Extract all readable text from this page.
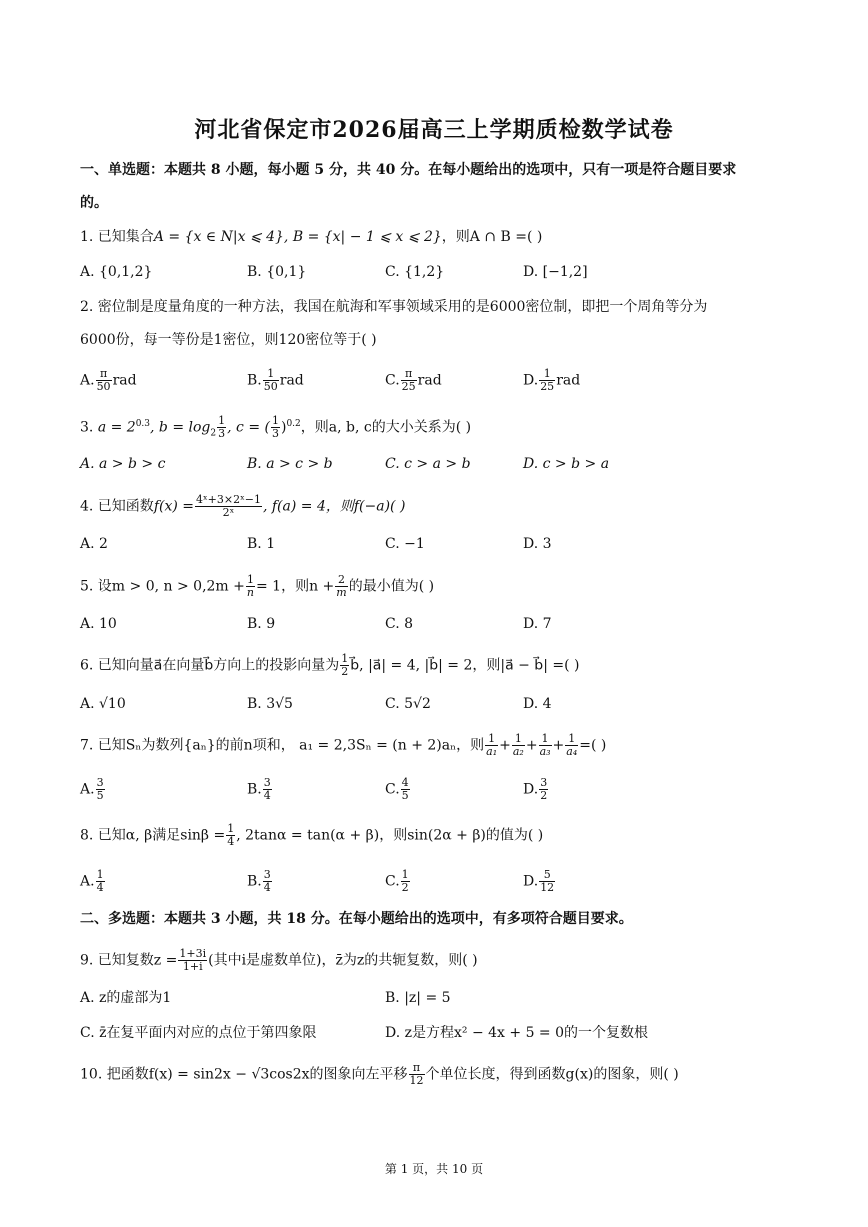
河北省保定市2026届高三上学期质检数学试卷
一、单选题：本题共 8 小题，每小题 5 分，共 40 分。在每小题给出的选项中，只有一项是符合题目要求
的。
1. 已知集合A = {x ∈ N|x ⩽ 4}, B = {x| − 1 ⩽ x ⩽ 2}，则A ∩ B =( )
A. {0,1,2}	B. {0,1}	C. {1,2}	D. [−1,2]
2. 密位制是度量角度的一种方法，我国在航海和军事领域采用的是6000密位制，即把一个周角等分为
6000份，每一等份是1密位，则120密位等于( )
A. $\frac{\pi}{50}$ rad	B. $\frac{1}{50}$ rad	C. $\frac{\pi}{25}$ rad	D. $\frac{1}{25}$ rad
3. $a = 2^{0.3}$, $b = \log_2 \frac{1}{3}$ , c = ( $\frac{1}{3} )^{0.2}$，则a, b, c的大小关系为( )
A. a > b > c	B. a > c > b	C. c > a > b	D. c > b > a
4. 已知函数$f(x) = \frac{\text{4ˣ+3×2ˣ−1}}{\text{2ˣ}}$ , f(a) = 4，则f(−a)( )
A. 2	B. 1	C. −1	D. 3
5. 设m > 0, $n > 0,2m + \frac{1}{n} = 1$，则$n + \frac{2}{m}$ 的最小值为( )
A. 10	B. 9	C. 8	D. 7
6. 已知向量a⃗在向量b⃗方向上的投影向量为 $\frac{1}{2}$ b⃗, |a⃗| = 4, |b⃗| = 2，则|a⃗ − b⃗| =( )
A. √10	B. 3√5	C. 5√2	D. 4
7. 已知Sₙ为数列{aₙ}的前n项和， a₁ = 2,3Sₙ = (n + 2)aₙ，则 $\frac{1}{\text{a₁}} + \frac{1}{\text{a₂}} + \frac{1}{\text{a₃}} + \frac{1}{\text{a₄}}$ =( )
A. $\frac{3}{5}$	B. $\frac{3}{4}$	C. $\frac{4}{5}$	D. $\frac{3}{2}$
8. 已知α, β满足$\sin\beta = \frac{1}{4}$ , 2tanα = tan(α + β)，则sin(2α + β)的值为( )
A. $\frac{1}{4}$	B. $\frac{3}{4}$	C. $\frac{1}{2}$	D. $\frac{5}{12}$
二、多选题：本题共 3 小题，共 18 分。在每小题给出的选项中，有多项符合题目要求。
9. 已知复数$z = \frac{1+3i}{1+i}$ (其中i是虚数单位)，z̄为z的共轭复数，则( )
A. z的虚部为1	B. |z| = 5
C. z̄在复平面内对应的点位于第四象限	D. z是方程x² − 4x + 5 = 0的一个复数根
10. 把函数f(x) = sin2x − √3cos2x的图象向左平移 $\frac{\pi}{12}$ 个单位长度，得到函数g(x)的图象，则( )
第 1 页，共 10 页
